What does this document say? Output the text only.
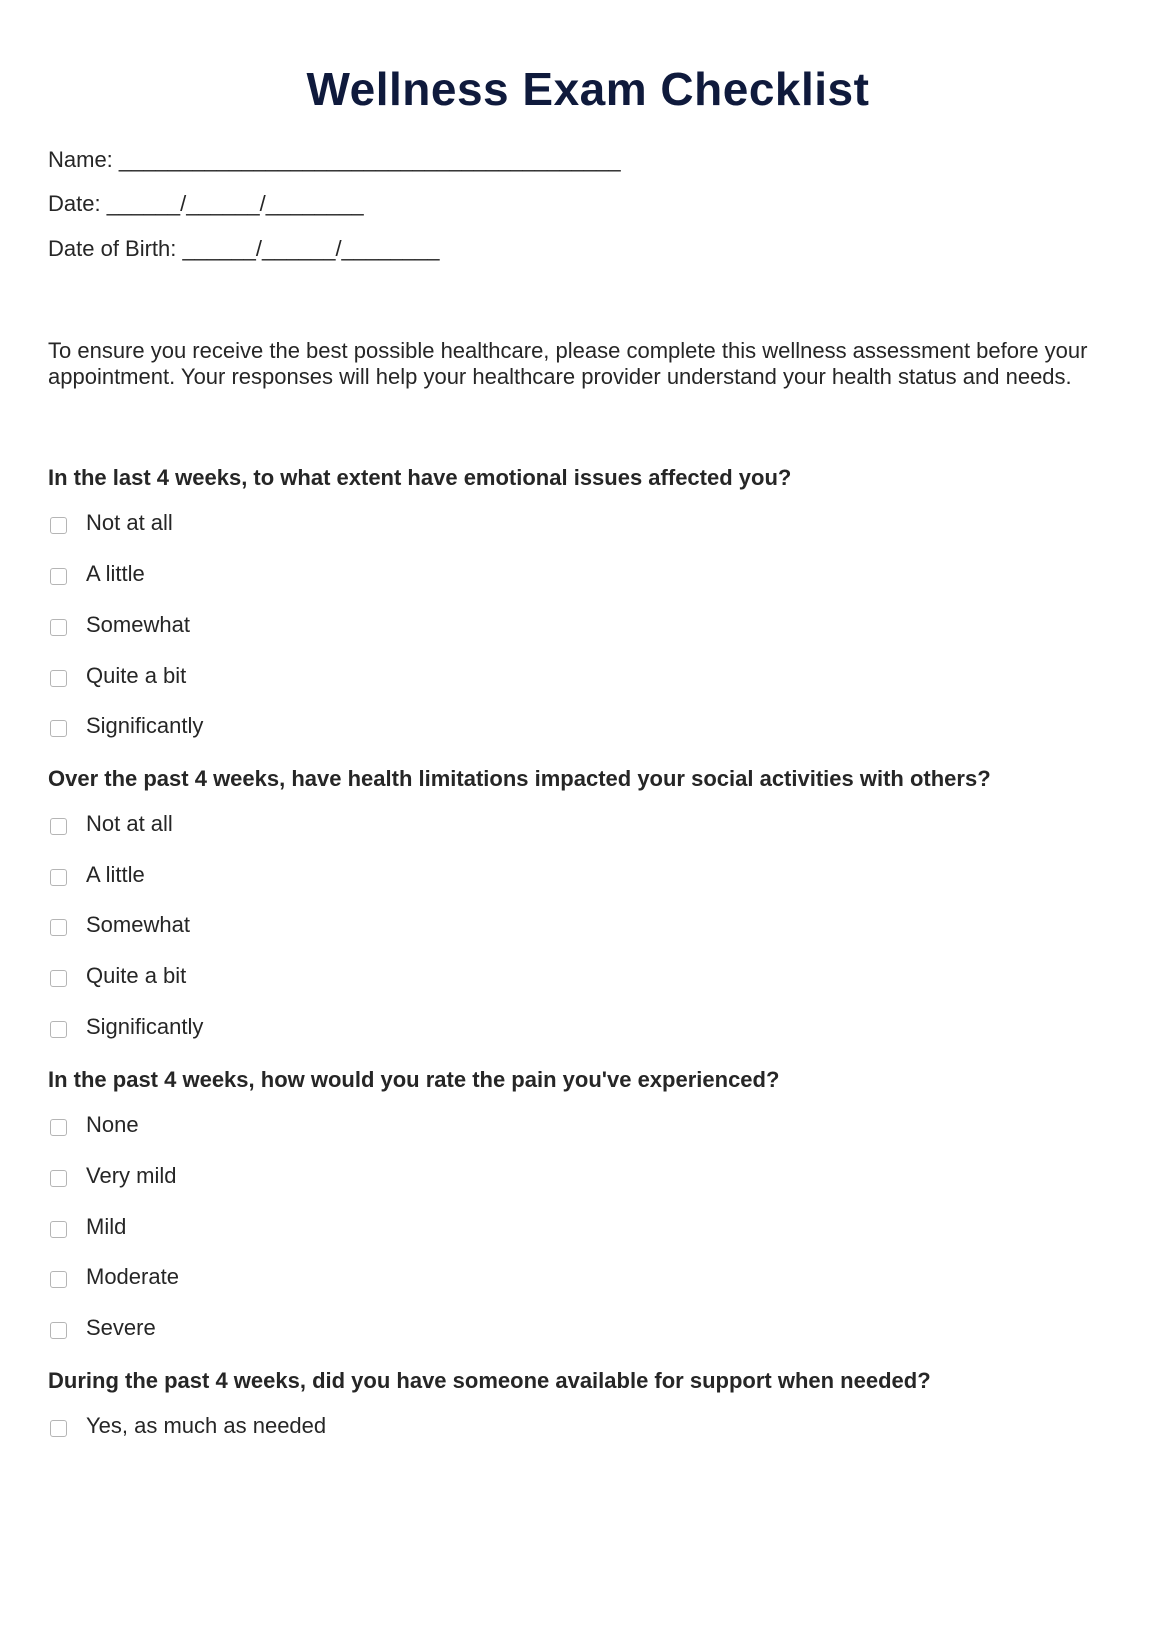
Wellness Exam Checklist
Name: _________________________________________
Date: ______/______/________
Date of Birth: ______/______/________
To ensure you receive the best possible healthcare, please complete this wellness assessment before your appointment. Your responses will help your healthcare provider understand your health status and needs.
In the last 4 weeks, to what extent have emotional issues affected you?
Not at all
A little
Somewhat
Quite a bit
Significantly
Over the past 4 weeks, have health limitations impacted your social activities with others?
Not at all
A little
Somewhat
Quite a bit
Significantly
In the past 4 weeks, how would you rate the pain you've experienced?
None
Very mild
Mild
Moderate
Severe
During the past 4 weeks, did you have someone available for support when needed?
Yes, as much as needed
